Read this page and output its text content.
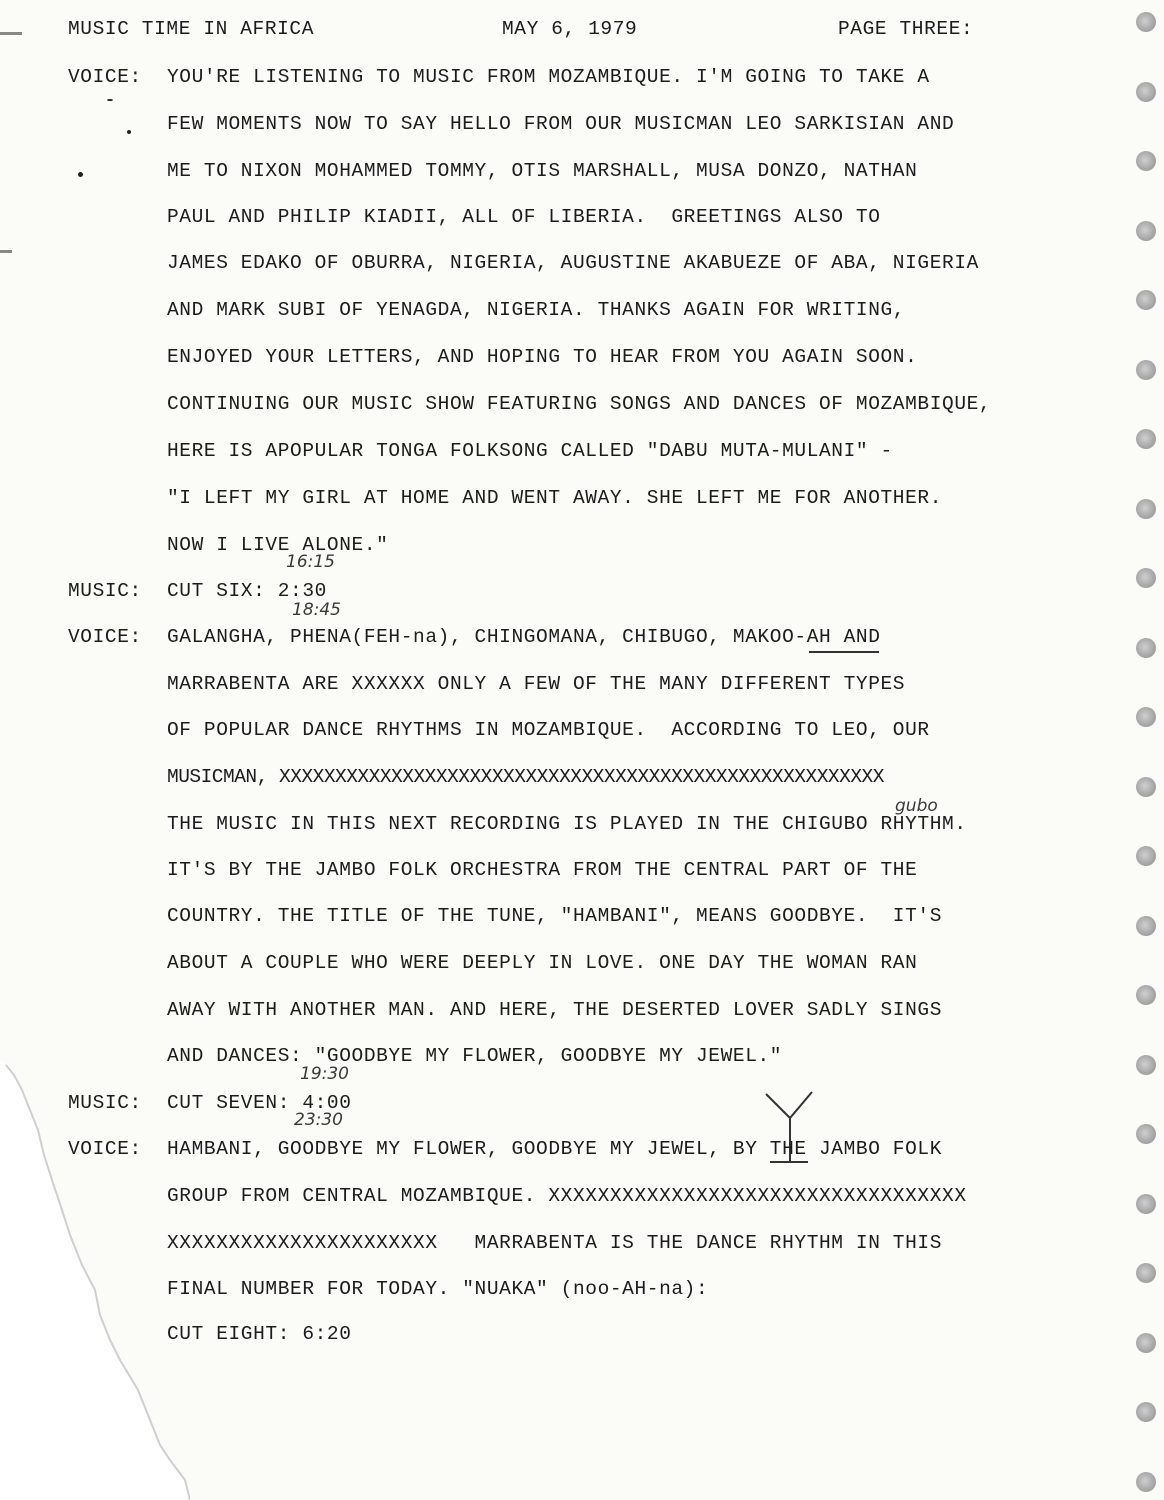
MUSIC TIME IN AFRICA	MAY 6, 1979	PAGE THREE:
VOICE: YOU'RE LISTENING TO MUSIC FROM MOZAMBIQUE. I'M GOING TO TAKE A
FEW MOMENTS NOW TO SAY HELLO FROM OUR MUSICMAN LEO SARKISIAN AND
ME TO NIXON MOHAMMED TOMMY, OTIS MARSHALL, MUSA DONZO, NATHAN
PAUL AND PHILIP KIADII, ALL OF LIBERIA.  GREETINGS ALSO TO
JAMES EDAKO OF OBURRA, NIGERIA, AUGUSTINE AKABUEZE OF ABA, NIGERIA
AND MARK SUBI OF YENAGDA, NIGERIA. THANKS AGAIN FOR WRITING,
ENJOYED YOUR LETTERS, AND HOPING TO HEAR FROM YOU AGAIN SOON.
CONTINUING OUR MUSIC SHOW FEATURING SONGS AND DANCES OF MOZAMBIQUE,
HERE IS APOPULAR TONGA FOLKSONG CALLED "DABU MUTA-MULANI" -
"I LEFT MY GIRL AT HOME AND WENT AWAY. SHE LEFT ME FOR ANOTHER.
NOW I LIVE ALONE."
MUSIC: CUT SIX: 2:30
16:15
18:45
VOICE: GALANGHA, PHENA(FEH-na), CHINGOMANA, CHIBUGO, MAKOO-AH AND
MARRABENTA ARE XXXXXX ONLY A FEW OF THE MANY DIFFERENT TYPES
OF POPULAR DANCE RHYTHMS IN MOZAMBIQUE.  ACCORDING TO LEO, OUR
MUSICMAN, XXXXXXXXXXXXXXXXXXXXXXXXXXXXXXXXXXXXXXXXXXXXXXXXXXXXXX
THE MUSIC IN THIS NEXT RECORDING IS PLAYED IN THE CHIGUBO RHYTHM.
gubo
IT'S BY THE JAMBO FOLK ORCHESTRA FROM THE CENTRAL PART OF THE
COUNTRY. THE TITLE OF THE TUNE, "HAMBANI", MEANS GOODBYE.  IT'S
ABOUT A COUPLE WHO WERE DEEPLY IN LOVE. ONE DAY THE WOMAN RAN
AWAY WITH ANOTHER MAN. AND HERE, THE DESERTED LOVER SADLY SINGS
AND DANCES: "GOODBYE MY FLOWER, GOODBYE MY JEWEL."
MUSIC: CUT SEVEN: 4:00
19:30
23:30
VOICE: HAMBANI, GOODBYE MY FLOWER, GOODBYE MY JEWEL, BY THE JAMBO FOLK
GROUP FROM CENTRAL MOZAMBIQUE. XXXXXXXXXXXXXXXXXXXXXXXXXXXXXXXXXX
XXXXXXXXXXXXXXXXXXXXXX   MARRABENTA IS THE DANCE RHYTHM IN THIS
FINAL NUMBER FOR TODAY. "NUAKA" (noo-AH-na):
CUT EIGHT: 6:20
